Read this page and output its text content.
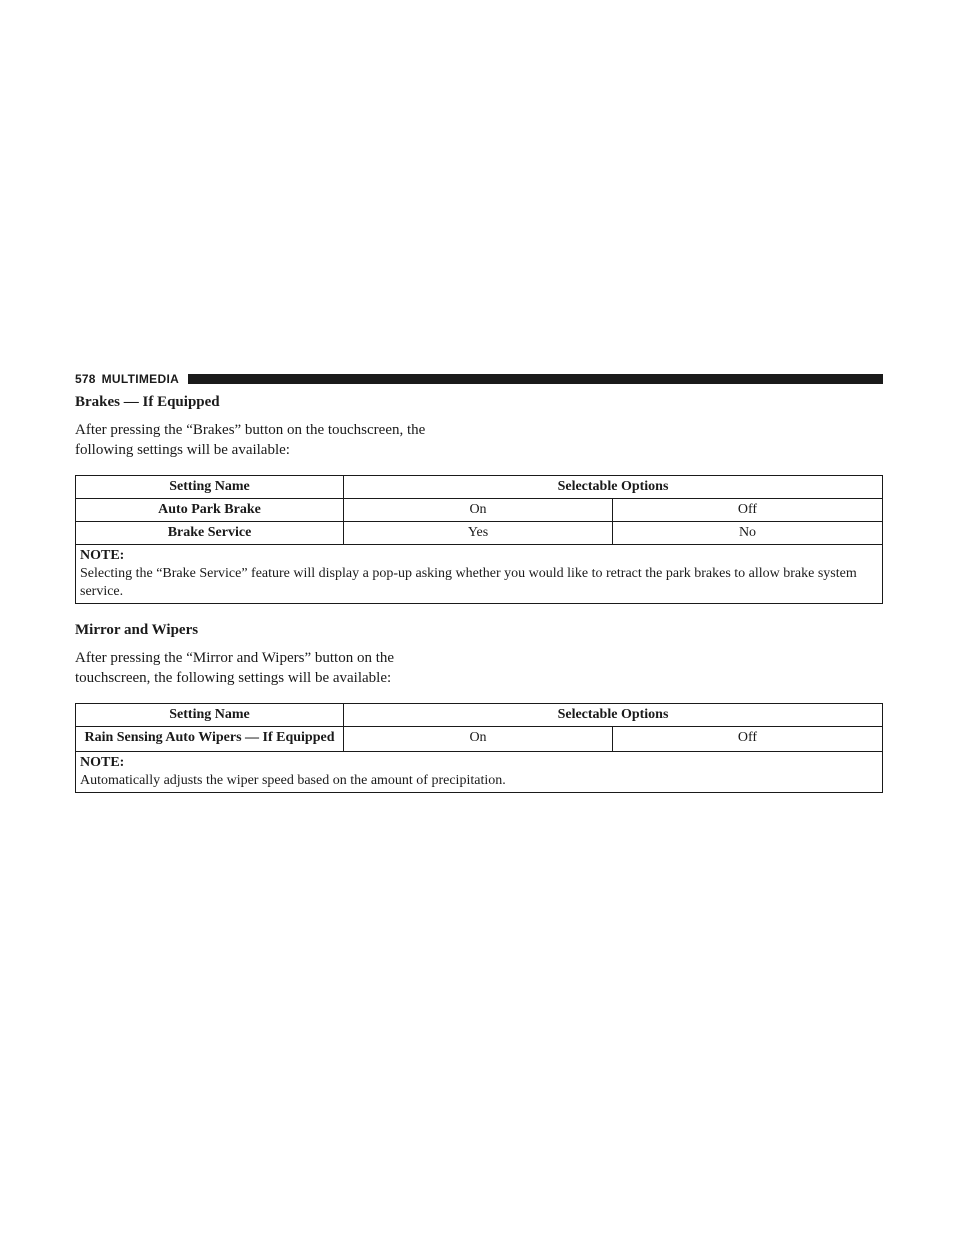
578 MULTIMEDIA
Brakes — If Equipped

After pressing the “Brakes” button on the touchscreen, the following settings will be available:

Setting Name	Selectable Options	
Auto Park Brake	On	Off
Brake Service	Yes	No

NOTE:
Selecting the “Brake Service” feature will display a pop-up asking whether you would like to retract the park brakes to allow brake system service.		
Mirror and Wipers

After pressing the “Mirror and Wipers” button on the touchscreen, the following settings will be available:

Setting Name	Selectable Options	
Rain Sensing Auto Wipers — If Equipped	On	Off

NOTE:
Automatically adjusts the wiper speed based on the amount of precipitation.		
